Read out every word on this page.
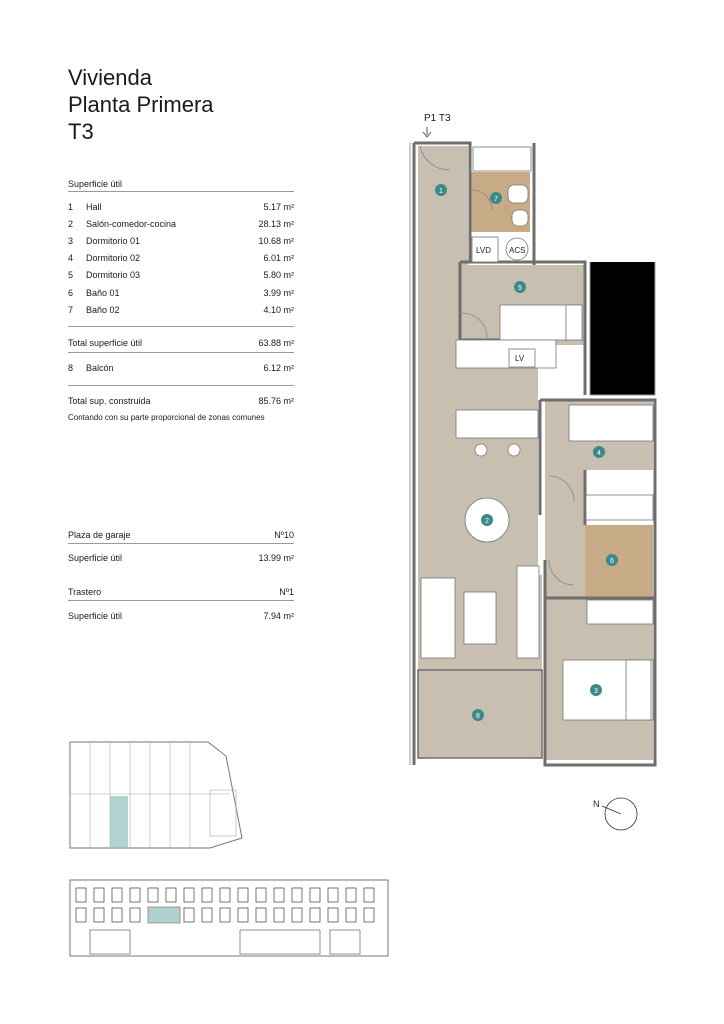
Vivienda
Planta Primera
T3
Superficie útil
1 Hall	5.17 m²
2 Salón-comedor-cocina	28.13 m²
3 Dormitorio 01	10.68 m²
4 Dormitorio 02	6.01 m²
5 Dormitorio 03	5.80 m²
6 Baño 01	3.99 m²
7 Baño 02	4.10 m²
Total superficie útil	63.88 m²
8 Balcón	6.12 m²
Total sup. construida	85.76 m²
Contando con su parte proporcional de zonas comunes
Plaza de garaje	Nº10
Superficie útil	13.99 m²
Trastero	Nº1
Superficie útil	7.94 m²
P1 T3
LVD ACS
LV
1
2
3
4
5
6
7
8
N
